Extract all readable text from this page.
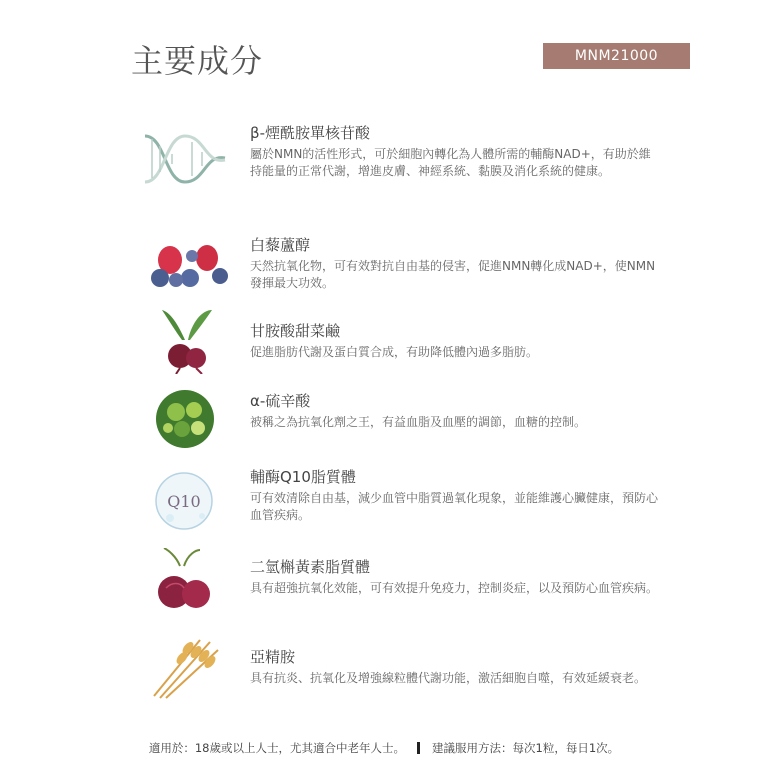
主要成分	MNM21000

β-煙酰胺單核苷酸

屬於NMN的活性形式，可於細胞內轉化為人體所需的輔酶NAD+，有助於維持能量的正常代謝，增進皮膚、神經系統、黏膜及消化系統的健康。

白藜蘆醇

天然抗氧化物，可有效對抗自由基的侵害，促進NMN轉化成NAD+，使NMN發揮最大功效。

甘胺酸甜菜鹼

促進脂肪代謝及蛋白質合成，有助降低體內過多脂肪。

α-硫辛酸

被稱之為抗氧化劑之王，有益血脂及血壓的調節，血糖的控制。

Q10

輔酶Q10脂質體

可有效清除自由基，減少血管中脂質過氧化現象，並能維護心臟健康，預防心血管疾病。

二氫槲黃素脂質體

具有超強抗氧化效能，可有效提升免疫力，控制炎症，以及預防心血管疾病。

亞精胺

具有抗炎、抗氧化及增強線粒體代謝功能，激活細胞自噬，有效延緩衰老。

適用於：18歲或以上人士，尤其適合中老年人士。 建議服用方法：每次1粒，每日1次。
